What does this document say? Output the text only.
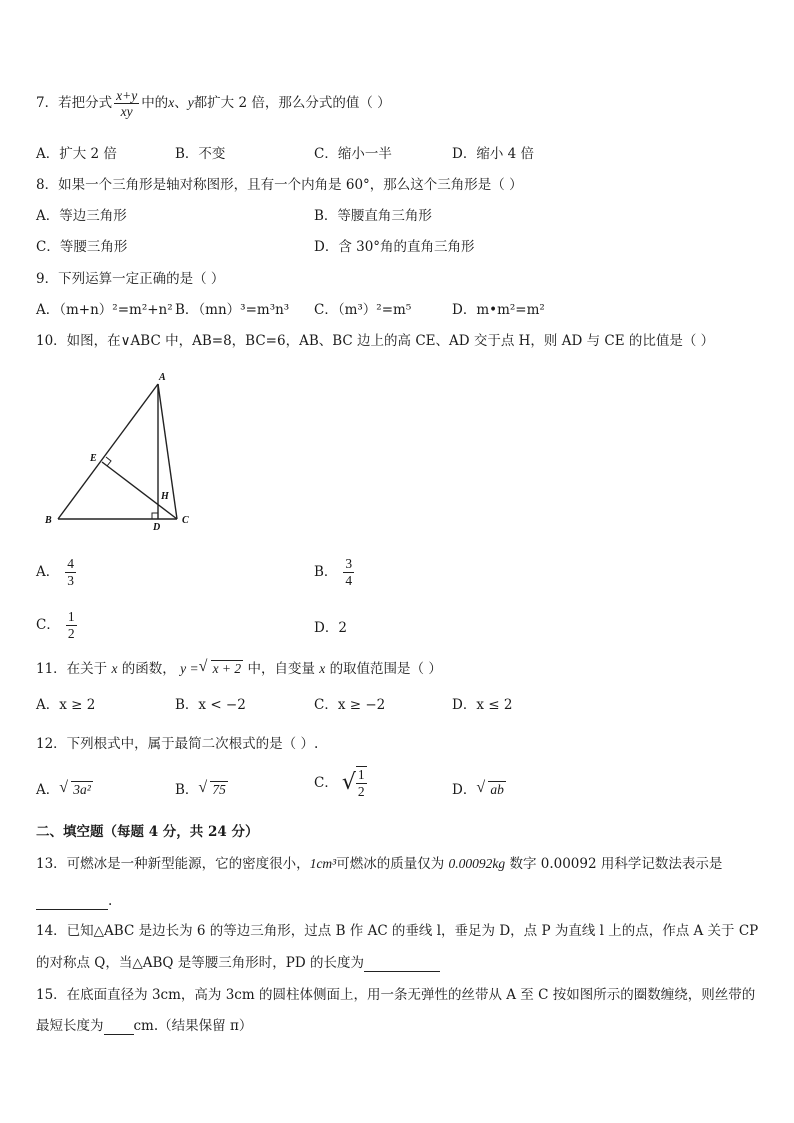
7．若把分式 $\frac{x+y}{xy}$ 中的x、y都扩大 2 倍，那么分式的值（ ）
A．扩大 2 倍	B．不变	C．缩小一半	D．缩小 4 倍
8．如果一个三角形是轴对称图形，且有一个内角是 60°，那么这个三角形是（ ）
A．等边三角形	B．等腰直角三角形
C．等腰三角形	D．含 30°角的直角三角形
9．下列运算一定正确的是（ ）
A．（m+n）²=m²+n² B．（mn）³=m³n³ C．（m³）²=m⁵	D．m•m²=m²
10．如图，在∨ABC 中，AB=8，BC=6，AB、BC 边上的高 CE、AD 交于点 H，则 AD 与 CE 的比值是（ ）
A
B	C
D
E
H
A． $\frac{4}{3}$	B． $\frac{3}{4}$
C． $\frac{1}{2}$	D．2
11．在关于 x 的函数， y = √ x + 2 中，自变量 x 的取值范围是（ ）
A．x ≥ 2	B．x < −2	C．x ≥ −2	D．x ≤ 2
12．下列根式中，属于最简二次根式的是（ ）.
A． √ 3a²	B． √ 75	C． √ $\frac{1}{2}$	D． √ ab
二、填空题（每题 4 分，共 24 分）
13．可燃冰是一种新型能源，它的密度很小，1cm³可燃冰的质量仅为 0.00092kg 数字 0.00092 用科学记数法表示是
.
14．已知△ABC 是边长为 6 的等边三角形，过点 B 作 AC 的垂线 l，垂足为 D，点 P 为直线 l 上的点，作点 A 关于 CP
的对称点 Q，当△ABQ 是等腰三角形时，PD 的长度为
15．在底面直径为 3cm，高为 3cm 的圆柱体侧面上，用一条无弹性的丝带从 A 至 C 按如图所示的圈数缠绕，则丝带的
最短长度为 cm.（结果保留 π）
